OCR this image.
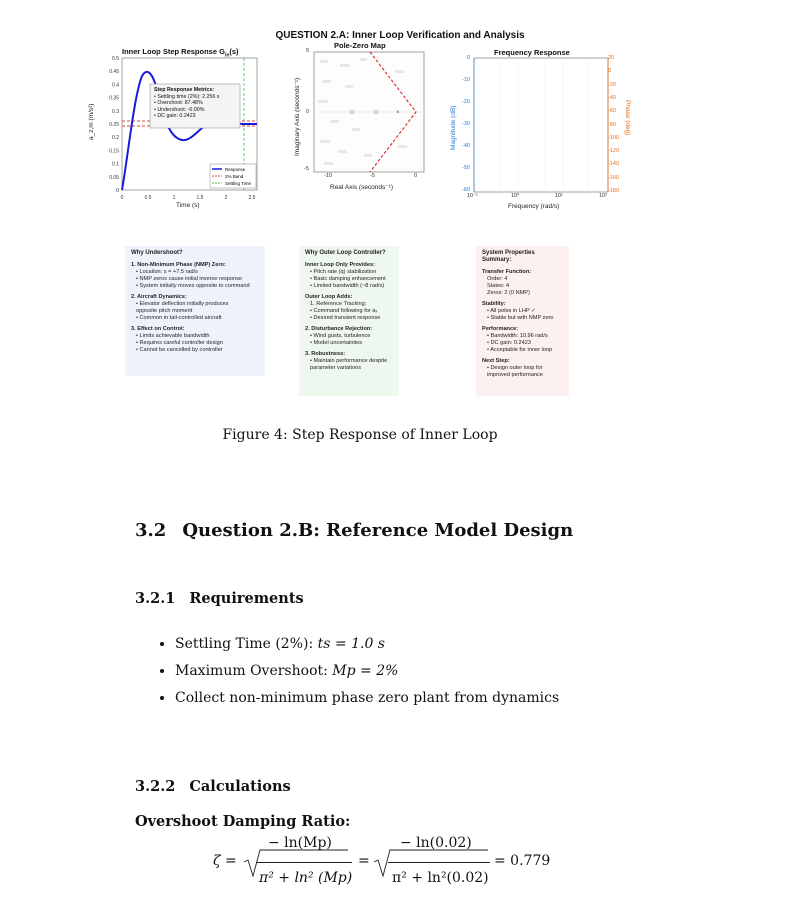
QUESTION 2.A: Inner Loop Verification and Analysis
Inner Loop Step Response $G_{in}(s)$
0.5
0.45
0.4
0.35
0.3
0.25
0.2
0.15
0.1
0.05
0
0	0.5	1	1.5	2	2.5
Response
2% Band
Settling Time
Step Response Metrics:
• Settling time (2%): 2.256 s
• Overshoot: 87.48%
• Undershoot: -0.00%
• DC gain: 0.2423
a_z,m (m/s²)
Time (s)
Pole-Zero Map
×
5
0
-5
-10	-5	0
Imaginary Axis (seconds⁻¹)
Real Axis (seconds⁻¹)
Frequency Response
0
-10
-20
-30
-40
-50
-60
20
0
-20
-40
-60
-80
-100
-120
-140
-160
-180
10⁻¹	10⁰	10¹	10²
Magnitude (dB)	Phase (deg)
Frequency (rad/s)
Why Undershoot?
1. Non-Minimum Phase (NMP) Zero:
• Location: s = +7.5 rad/s
• NMP zeros cause initial inverse response
• System initially moves opposite to command
2. Aircraft Dynamics:
• Elevator deflection initially produces
opposite pitch moment
• Common in tail-controlled aircraft
3. Effect on Control:
• Limits achievable bandwidth
• Requires careful controller design
• Cannot be cancelled by controller
Why Outer Loop Controller?
Inner Loop Only Provides:
• Pitch rate (q) stabilization
• Basic damping enhancement
• Limited bandwidth (~8 rad/s)
Outer Loop Adds:
1. Reference Tracking:
• Command following for aₓ
• Desired transient response
2. Disturbance Rejection:
• Wind gusts, turbulence
• Model uncertainties
3. Robustness:
• Maintain performance despite
parameter variations
System Properties Summary:
Transfer Function:
Order: 4
States: 4
Zeros: 2 (0 NMP)
Stability:
• All poles in LHP ✓
• Stable but with NMP zero
Performance:
• Bandwidth: 10.96 rad/s
• DC gain: 0.2423
• Acceptable for inner loop
Next Step:
• Design outer loop for
improved performance
Figure 4: Step Response of Inner Loop
3.2 Question 2.B: Reference Model Design
3.2.1 Requirements
• Settling Time (2%): ts = 1.0 s
• Maximum Overshoot: Mp = 2%
• Collect non-minimum phase zero plant from dynamics
3.2.2 Calculations
Overshoot Damping Ratio:
ζ =
− ln(Mp)
π² + ln² (Mp)
=
− ln(0.02)
π² + ln²(0.02)
= 0.779
